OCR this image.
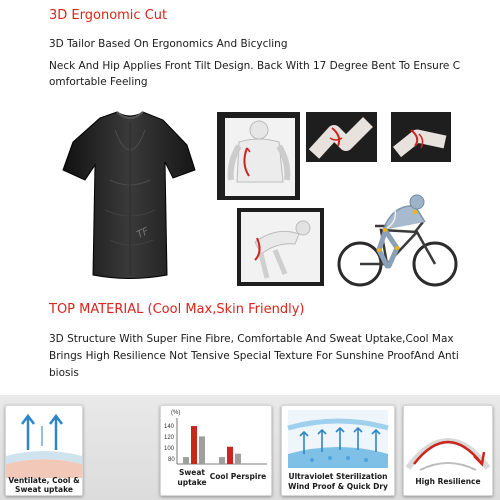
3D Ergonomic Cut
3D Tailor Based On Ergonomics And Bicycling
Neck And Hip Applies Front Tilt Design. Back With 17 Degree Bent To Ensure C
omfortable Feeling
TF
TOP MATERIAL (Cool Max,Skin Friendly)
3D Structure With Super Fine Fibre, Comfortable And Sweat Uptake,Cool Max
Brings High Resilience Not Tensive Special Texture For Sunshine ProofAnd Anti
biosis
Ventilate, Cool &
Sweat uptake
(%)
140
120
100
80
Sweat
uptake
Cool Perspire	Ultraviolet Sterilization
Wind Proof & Quick Dry
High Resilience
